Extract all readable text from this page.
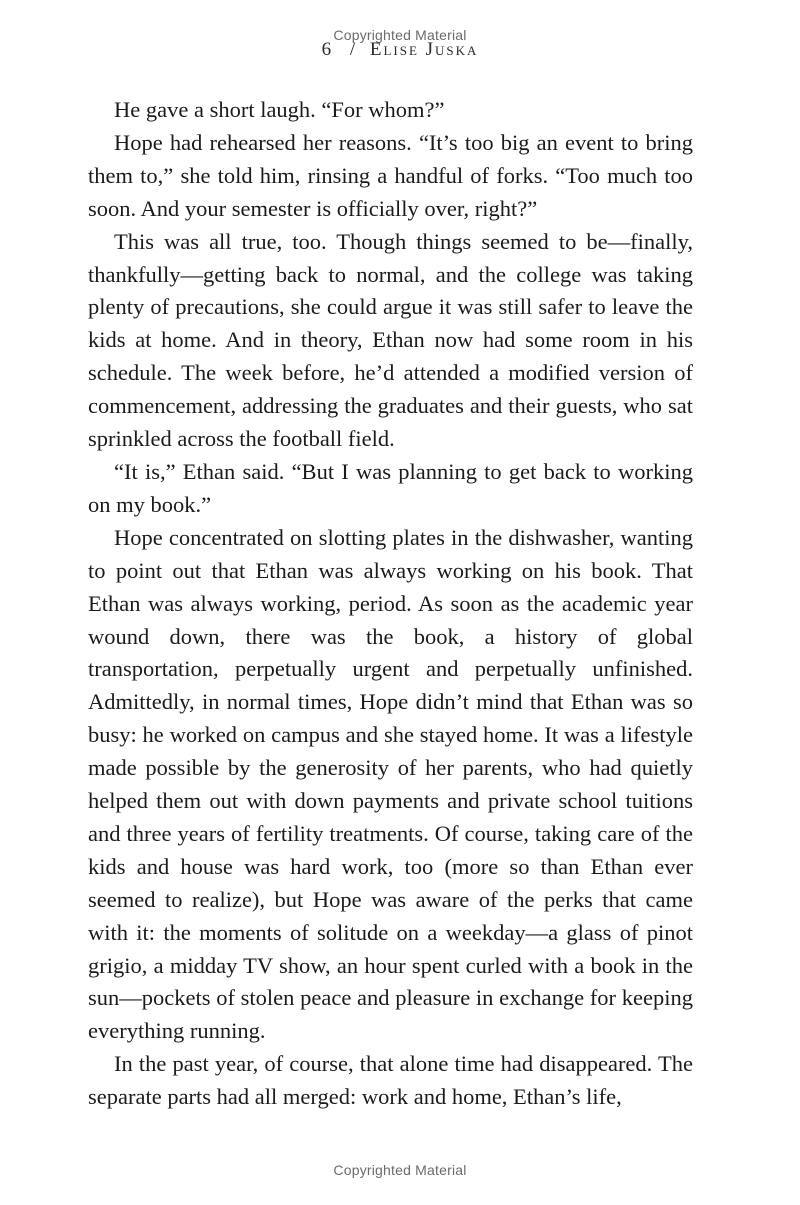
Copyrighted Material
6 / Elise Juska

He gave a short laugh. “For whom?”

Hope had rehearsed her reasons. “It’s too big an event to bring them to,” she told him, rinsing a handful of forks. “Too much too soon. And your semester is officially over, right?”

This was all true, too. Though things seemed to be—finally, thankfully—getting back to normal, and the college was taking plenty of precautions, she could argue it was still safer to leave the kids at home. And in theory, Ethan now had some room in his schedule. The week before, he’d attended a modified version of commencement, addressing the graduates and their guests, who sat sprinkled across the football field.

“It is,” Ethan said. “But I was planning to get back to working on my book.”

Hope concentrated on slotting plates in the dishwasher, wanting to point out that Ethan was always working on his book. That Ethan was always working, period. As soon as the academic year wound down, there was the book, a history of global transportation, perpetually urgent and perpetually unfinished. Admittedly, in normal times, Hope didn’t mind that Ethan was so busy: he worked on campus and she stayed home. It was a lifestyle made possible by the generosity of her parents, who had quietly helped them out with down payments and private school tuitions and three years of fertility treatments. Of course, taking care of the kids and house was hard work, too (more so than Ethan ever seemed to realize), but Hope was aware of the perks that came with it: the moments of solitude on a weekday—a glass of pinot grigio, a midday TV show, an hour spent curled with a book in the sun—pockets of stolen peace and pleasure in exchange for keeping everything running.

In the past year, of course, that alone time had disappeared. The separate parts had all merged: work and home, Ethan’s life,

Copyrighted Material
